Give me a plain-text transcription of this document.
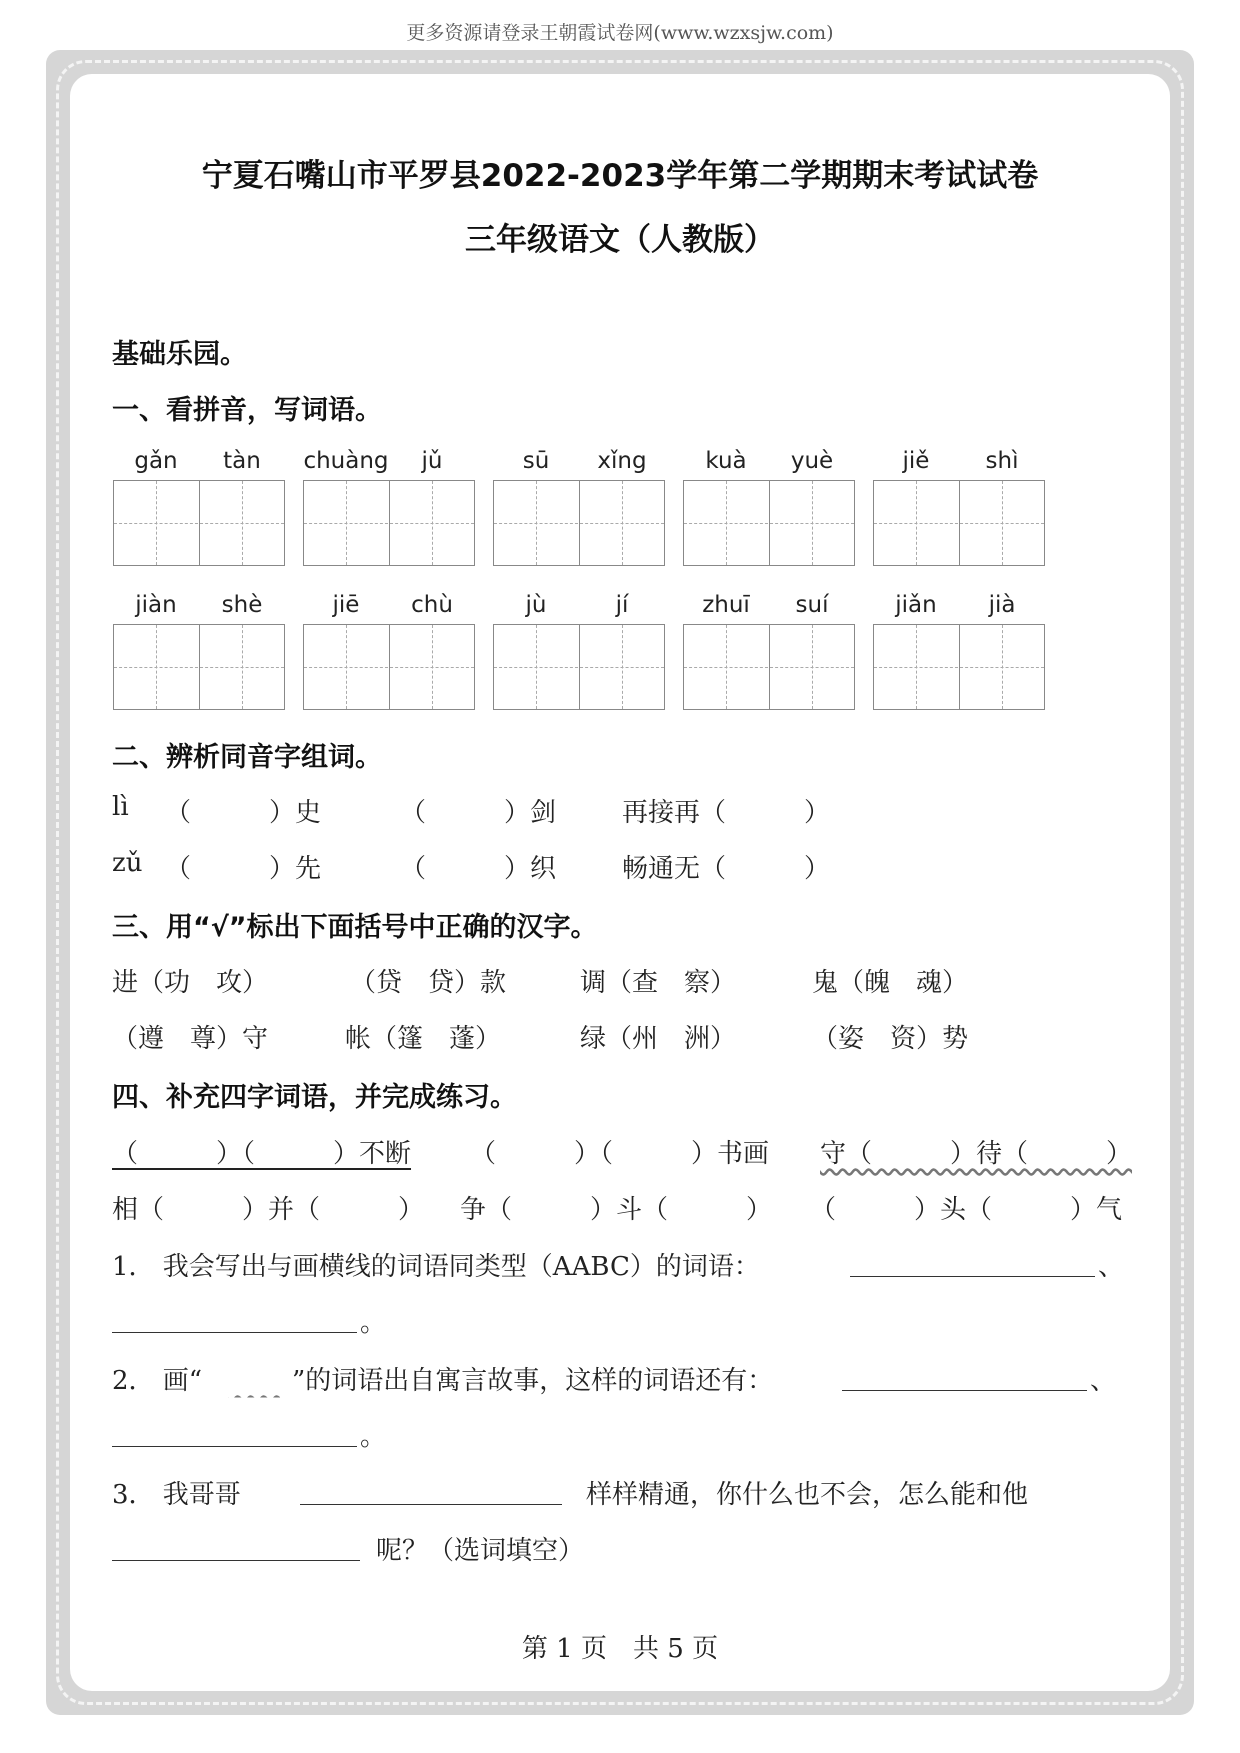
更多资源请登录王朝霞试卷网(www.wzxsjw.com)
宁夏石嘴山市平罗县2022-2023学年第二学期期末考试试卷
三年级语文（人教版）
基础乐园。
一、看拼音，写词语。
gǎn	tàn	chuàng	jǔ	sū	xǐng	kuà	yuè	jiě	shì
jiàn	shè	jiē	chù	jù	jí	zhuī	suí	jiǎn	jià
二、辨析同音字组词。
lì （　　　）史	（　　　）剑	再接再（　　　）
zǔ （　　　）先	（　　　）织	畅通无（　　　）
三、用“√”标出下面括号中正确的汉字。
进（功　攻）	（贷　贷）款	调（查　察）	鬼（魄　魂）
（遵　尊）守	帐（篷　蓬）	绿（州　洲）	（姿　资）势
四、补充四字词语，并完成练习。
（　　　）（　　　）不断 （　　　）（　　　）书画 守（　　　）待（　　　）
相（　　　）并（　　　） 争（　　　）斗（　　　） （　　　）头（　　　）气
1． 我会写出与画横线的词语同类型（AABC）的词语：	、
。
2． 画“
　　	”的词语出自寓言故事，这样的词语还有：	、
。
3． 我哥哥	样样精通，你什么也不会，怎么能和他
呢？（选词填空）
第 1 页　共 5 页
